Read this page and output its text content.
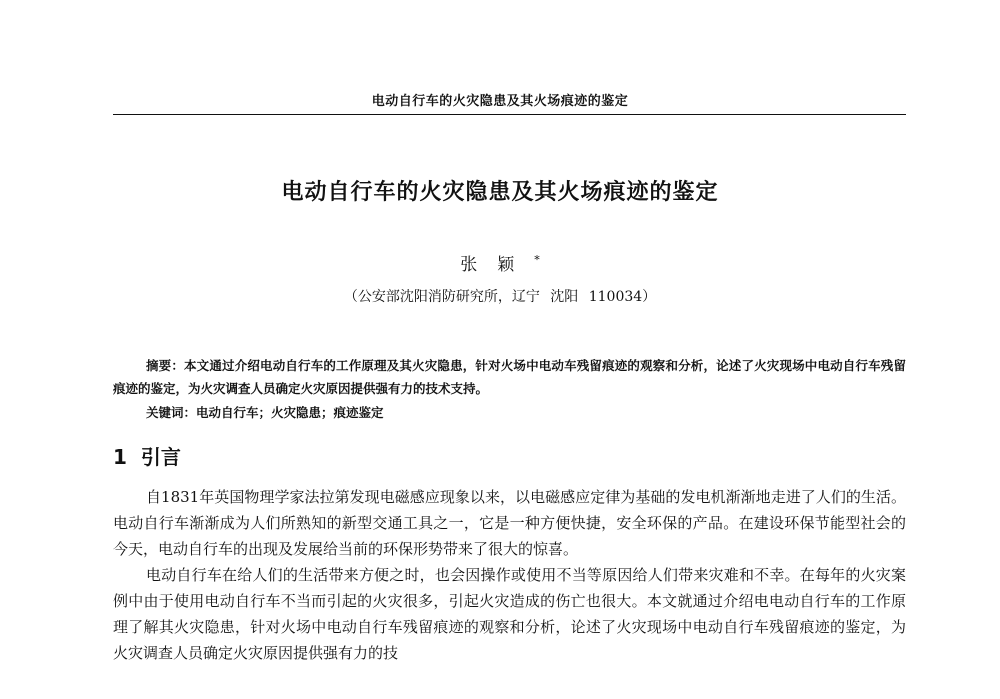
电动自行车的火灾隐患及其火场痕迹的鉴定
电动自行车的火灾隐患及其火场痕迹的鉴定
张颖*
（公安部沈阳消防研究所，辽宁 沈阳 110034）
摘要：本文通过介绍电动自行车的工作原理及其火灾隐患，针对火场中电动车残留痕迹的观察和分析，论述了火灾现场中电动自行车残留痕迹的鉴定，为火灾调查人员确定火灾原因提供强有力的技术支持。
关键词：电动自行车；火灾隐患；痕迹鉴定
1 引言

自1831年英国物理学家法拉第发现电磁感应现象以来，以电磁感应定律为基础的发电机渐渐地走进了人们的生活。电动自行车渐渐成为人们所熟知的新型交通工具之一，它是一种方便快捷，安全环保的产品。在建设环保节能型社会的今天，电动自行车的出现及发展给当前的环保形势带来了很大的惊喜。

电动自行车在给人们的生活带来方便之时，也会因操作或使用不当等原因给人们带来灾难和不幸。在每年的火灾案例中由于使用电动自行车不当而引起的火灾很多，引起火灾造成的伤亡也很大。本文就通过介绍电电动自行车的工作原理了解其火灾隐患，针对火场中电动自行车残留痕迹的观察和分析，论述了火灾现场中电动自行车残留痕迹的鉴定，为火灾调查人员确定火灾原因提供强有力的技
